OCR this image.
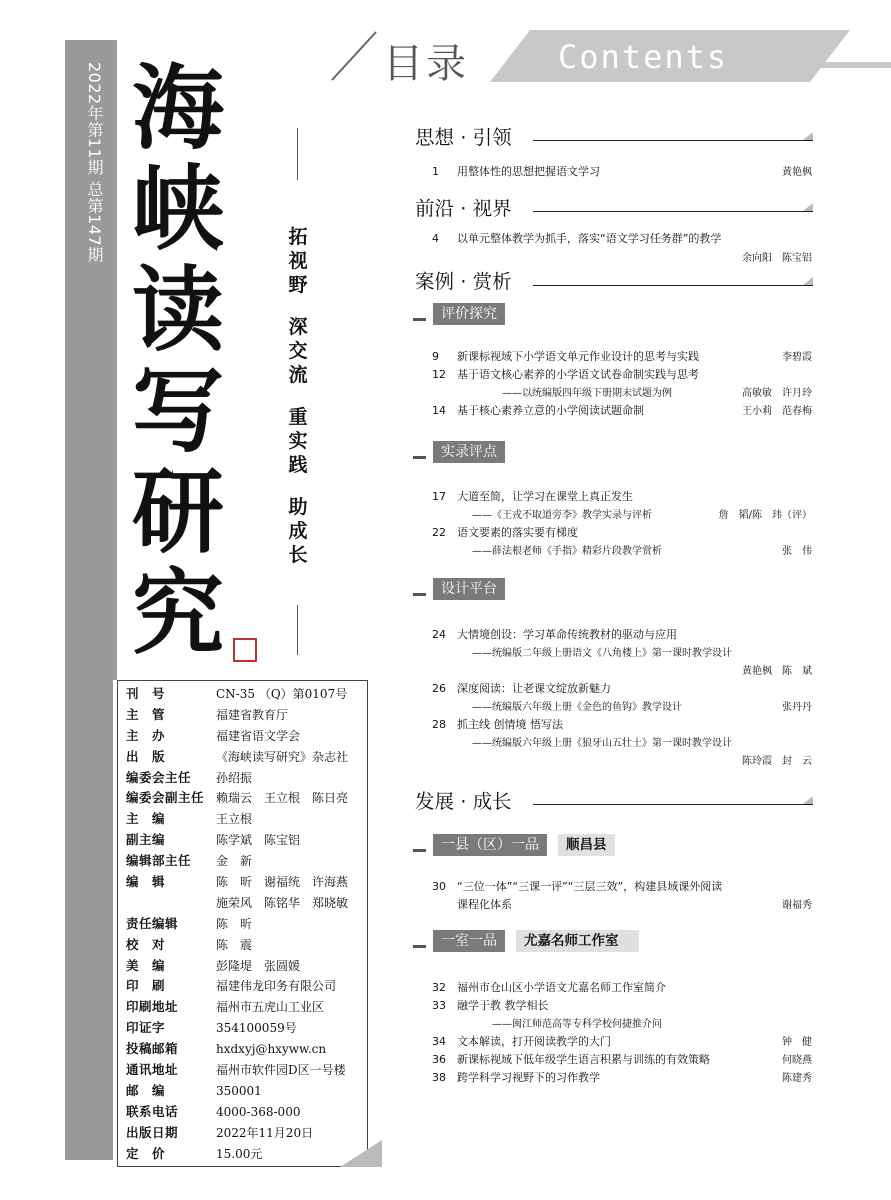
2022年第11期 总第147期 海
峡
读
写
研
究
拓
视
野
深
交
流
重
实
践
助
成
长
刊　号	CN-35 （Q）第0107号
主　管	福建省教育厅
主　办	福建省语文学会
出　版	《海峡读写研究》杂志社
编委会主任	孙绍振
编委会副主任 赖瑞云　王立根　陈日亮
主　编	王立根
副主编	陈学斌　陈宝铝
编辑部主任	金　新
编　辑	陈　昕　谢福统　许海燕
施荣风　陈铭华　郑晓敏
责任编辑	陈　昕
校　对	陈　震
美　编	彭隆堤　张圆媛
印　刷	福建伟龙印务有限公司
印刷地址	福州市五虎山工业区
印证字	354100059号
投稿邮箱	hxdxyj@hxyww.cn
通讯地址	福州市软件园D区一号楼
邮　编	350001
联系电话	4000-368-000
出版日期	2022年11月20日
定　价	15.00元
目录	Contents
思想 · 引领
1 用整体性的思想把握语文学习	黄艳枫
前沿 · 视界
4 以单元整体教学为抓手，落实“语文学习任务群”的教学
余向阳　陈宝铝
案例 · 赏析
评价探究
9 新课标视域下小学语文单元作业设计的思考与实践	李碧霞
12 基于语文核心素养的小学语文试卷命制实践与思考
——以统编版四年级下册期末试题为例	高敏敏　许月玲
14 基于核心素养立意的小学阅读试题命制	王小莉　范春梅
实录评点
17 大道至简，让学习在课堂上真正发生
——《王戎不取道旁李》教学实录与评析	詹　韬/陈　玮（评）
22 语文要素的落实要有梯度
——薛法根老师《手指》精彩片段教学赏析	张　伟
设计平台
24 大情境创设：学习革命传统教材的驱动与应用
——统编版二年级上册语文《八角楼上》第一课时教学设计
黄艳枫　陈　斌
26 深度阅读：让老课文绽放新魅力
——统编版六年级上册《金色的鱼钩》教学设计	张丹丹
28 抓主线 创情境 悟写法
——统编版六年级上册《狼牙山五壮士》第一课时教学设计
陈玲霞　封　云
发展 · 成长
一县（区）一品	顺昌县
30 “三位一体”“三课一评”“三层三效”，构建县域课外阅读
课程化体系	谢福秀
一室一品	尤嘉名师工作室
32 福州市仓山区小学语文尤嘉名师工作室简介
33 融学于教 教学相长
——闽江师范高等专科学校何捷推介问
34 文本解读，打开阅读教学的大门	钟　健
36 新课标视域下低年级学生语言积累与训练的有效策略	何晓燕
38 跨学科学习视野下的习作教学	陈建秀
